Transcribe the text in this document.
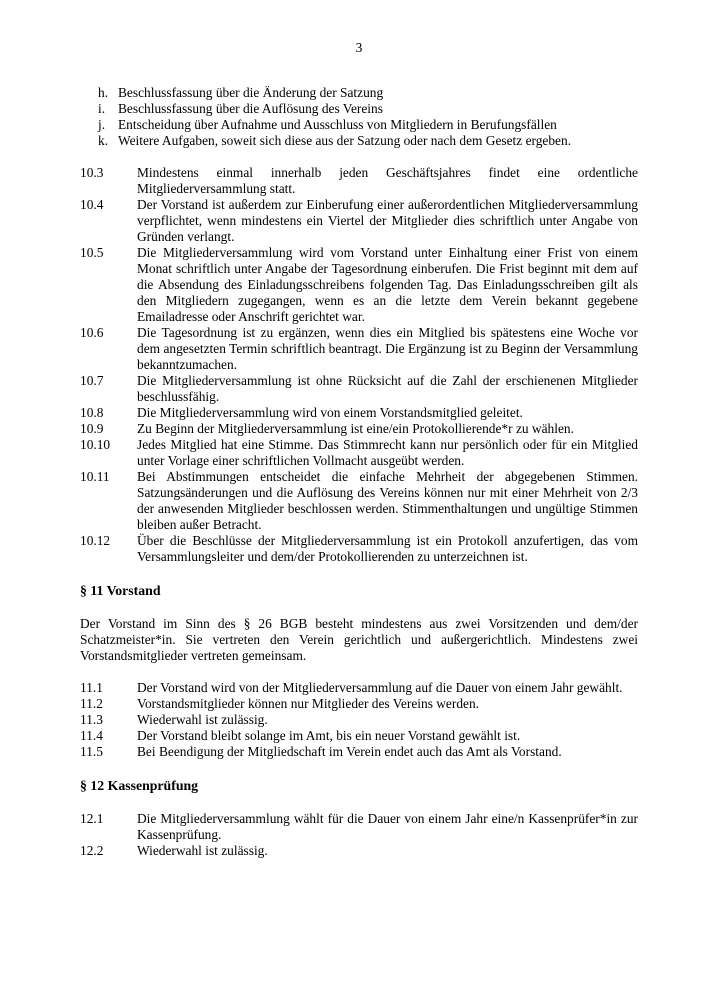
3
h. Beschlussfassung über die Änderung der Satzung
i. Beschlussfassung über die Auflösung des Vereins
j. Entscheidung über Aufnahme und Ausschluss von Mitgliedern in Berufungsfällen
k. Weitere Aufgaben, soweit sich diese aus der Satzung oder nach dem Gesetz ergeben.
10.3	Mindestens einmal innerhalb jeden Geschäftsjahres findet eine ordentliche Mitgliederversammlung statt.
10.4	Der Vorstand ist außerdem zur Einberufung einer außerordentlichen Mitgliederversammlung verpflichtet, wenn mindestens ein Viertel der Mitglieder dies schriftlich unter Angabe von Gründen verlangt.
10.5	Die Mitgliederversammlung wird vom Vorstand unter Einhaltung einer Frist von einem Monat schriftlich unter Angabe der Tagesordnung einberufen. Die Frist beginnt mit dem auf die Absendung des Einladungsschreibens folgenden Tag. Das Einladungsschreiben gilt als den Mitgliedern zugegangen, wenn es an die letzte dem Verein bekannt gegebene Emailadresse oder Anschrift gerichtet war.
10.6	Die Tagesordnung ist zu ergänzen, wenn dies ein Mitglied bis spätestens eine Woche vor dem angesetzten Termin schriftlich beantragt. Die Ergänzung ist zu Beginn der Versammlung bekanntzumachen.
10.7	Die Mitgliederversammlung ist ohne Rücksicht auf die Zahl der erschienenen Mitglieder beschlussfähig.
10.8	Die Mitgliederversammlung wird von einem Vorstandsmitglied geleitet.
10.9	Zu Beginn der Mitgliederversammlung ist eine/ein Protokollierende*r zu wählen.
10.10	Jedes Mitglied hat eine Stimme. Das Stimmrecht kann nur persönlich oder für ein Mitglied unter Vorlage einer schriftlichen Vollmacht ausgeübt werden.
10.11	Bei Abstimmungen entscheidet die einfache Mehrheit der abgegebenen Stimmen. Satzungsänderungen und die Auflösung des Vereins können nur mit einer Mehrheit von 2/3 der anwesenden Mitglieder beschlossen werden. Stimmenthaltungen und ungültige Stimmen bleiben außer Betracht.
10.12	Über die Beschlüsse der Mitgliederversammlung ist ein Protokoll anzufertigen, das vom Versammlungsleiter und dem/der Protokollierenden zu unterzeichnen ist.
§ 11 Vorstand

Der Vorstand im Sinn des § 26 BGB besteht mindestens aus zwei Vorsitzenden und dem/der Schatzmeister*in. Sie vertreten den Verein gerichtlich und außergerichtlich. Mindestens zwei Vorstandsmitglieder vertreten gemeinsam.

11.1	Der Vorstand wird von der Mitgliederversammlung auf die Dauer von einem Jahr gewählt.
11.2	Vorstandsmitglieder können nur Mitglieder des Vereins werden.
11.3	Wiederwahl ist zulässig.
11.4	Der Vorstand bleibt solange im Amt, bis ein neuer Vorstand gewählt ist.
11.5	Bei Beendigung der Mitgliedschaft im Verein endet auch das Amt als Vorstand.
§ 12 Kassenprüfung
12.1	Die Mitgliederversammlung wählt für die Dauer von einem Jahr eine/n Kassenprüfer*in zur Kassenprüfung.
12.2	Wiederwahl ist zulässig.
